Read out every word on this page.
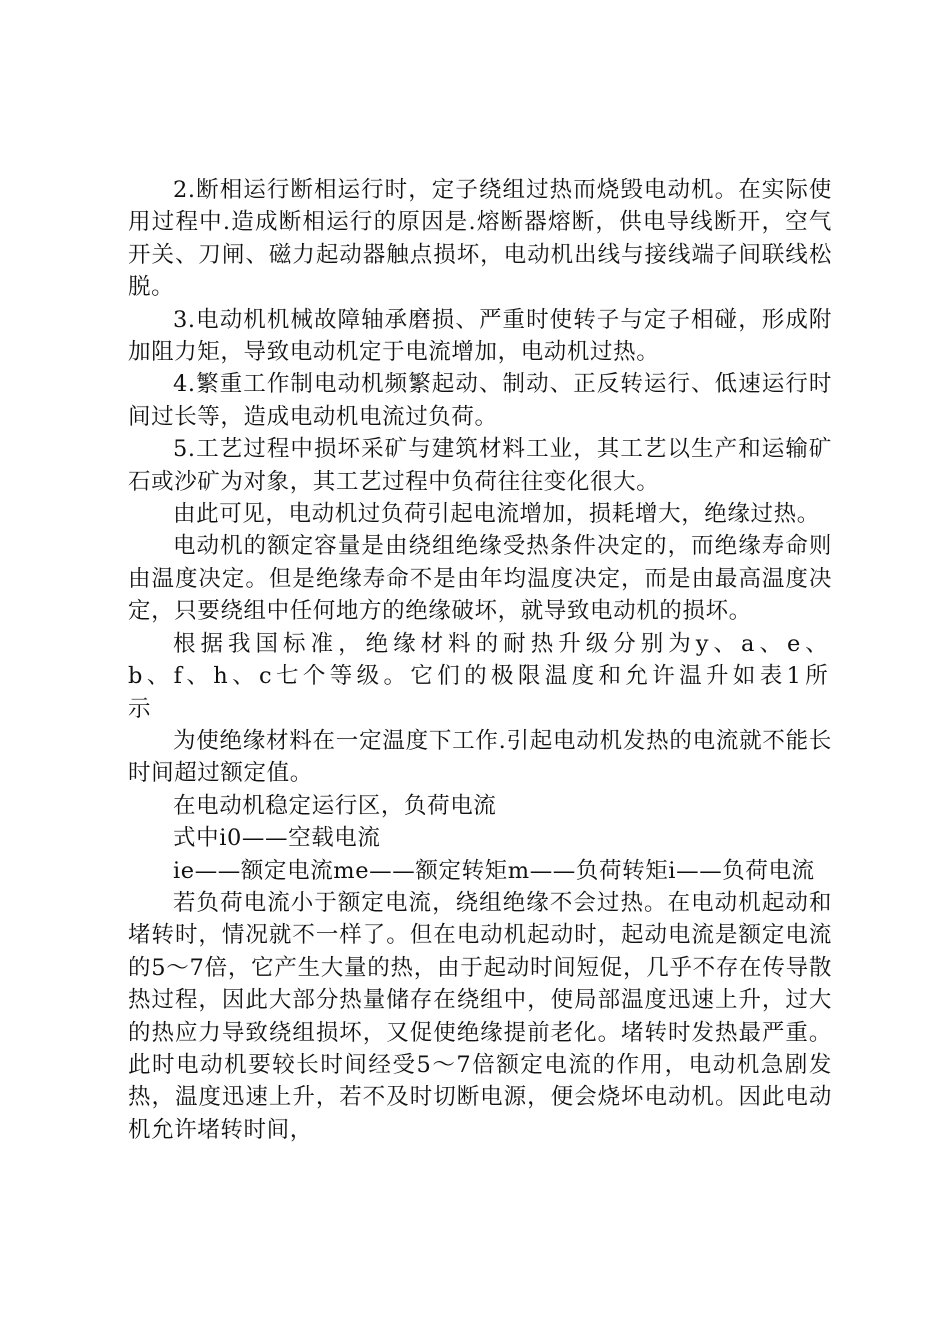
2.断相运行断相运行时，定子绕组过热而烧毁电动机。在实际使用过程中.造成断相运行的原因是.熔断器熔断，供电导线断开，空气开关、刀闸、磁力起动器触点损坏，电动机出线与接线端子间联线松脱。

3.电动机机械故障轴承磨损、严重时使转子与定子相碰，形成附加阻力矩，导致电动机定于电流增加，电动机过热。

4.繁重工作制电动机频繁起动、制动、正反转运行、低速运行时间过长等，造成电动机电流过负荷。

5.工艺过程中损坏采矿与建筑材料工业，其工艺以生产和运输矿石或沙矿为对象，其工艺过程中负荷往往变化很大。

由此可见，电动机过负荷引起电流增加，损耗增大，绝缘过热。

电动机的额定容量是由绕组绝缘受热条件决定的，而绝缘寿命则由温度决定。但是绝缘寿命不是由年均温度决定，而是由最高温度决定，只要绕组中任何地方的绝缘破坏，就导致电动机的损坏。

根据我国标准，绝缘材料的耐热升级分别为y、a、e、b、f、h、c七个等级。它们的极限温度和允许温升如表1所示

为使绝缘材料在一定温度下工作.引起电动机发热的电流就不能长时间超过额定值。

在电动机稳定运行区，负荷电流

式中i0——空载电流

ie——额定电流me——额定转矩m——负荷转矩i——负荷电流

若负荷电流小于额定电流，绕组绝缘不会过热。在电动机起动和堵转时，情况就不一样了。但在电动机起动时，起动电流是额定电流的5～7倍，它产生大量的热，由于起动时间短促，几乎不存在传导散热过程，因此大部分热量储存在绕组中，使局部温度迅速上升，过大的热应力导致绕组损坏，又促使绝缘提前老化。堵转时发热最严重。此时电动机要较长时间经受5～7倍额定电流的作用，电动机急剧发热，温度迅速上升，若不及时切断电源，便会烧坏电动机。因此电动机允许堵转时间，
